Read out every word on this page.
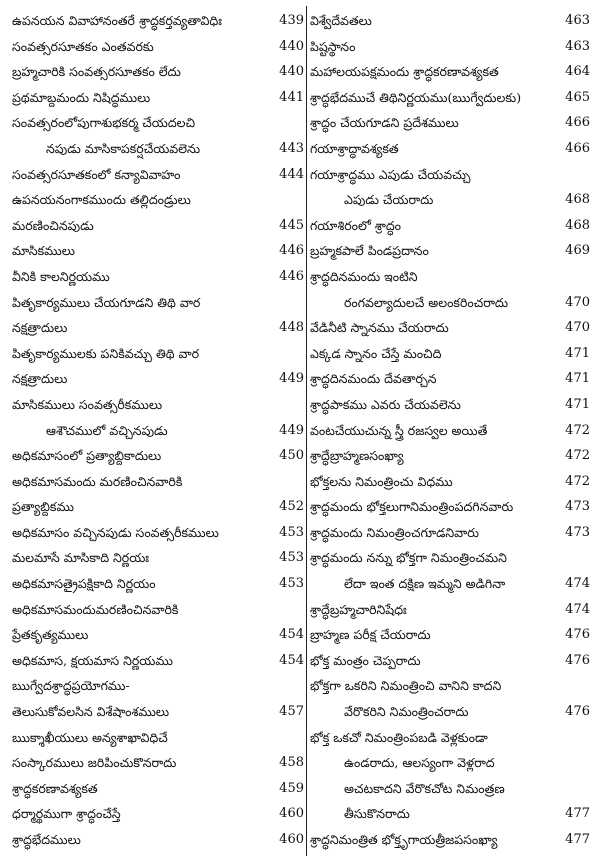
ఉపనయన వివాహానంతరే శ్రాద్ధకర్తవ్యతావిధిః	439
సంవత్సరసూతకం ఎంతవరకు	440
బ్రహ్మచారికి సంవత్సరసూతకం లేదు	440
ప్రథమాబ్దమందు నిషిద్ధములు	441
సంవత్సరంలోపుగాశుభకర్మ చేయదలచి
నపుడు మాసికాపకర్షచేయవలెను	443
సంవత్సరసూతకంలో కన్యావివాహం	444
ఉపనయనంగాకముందు తల్లిదండ్రులు
మరణించినపుడు	445
మాసికములు	446
వీనికి కాలనిర్ణయము	446
పితృకార్యములు చేయగూడని తిథి వార
నక్షత్రాదులు	448
పితృకార్యములకు పనికివచ్చు తిథి వార
నక్షత్రాదులు	449
మాసికములు సంవత్సరీకములు
ఆశౌచములో వచ్చినపుడు	449
అధికమాసంలో ప్రత్యాబ్దికాదులు	450
అధికమాసమందు మరణించినవారికి
ప్రత్యాబ్దికము	452
అధికమాసం వచ్చినపుడు సంవత్సరీకములు	453
మలమాసే మాసికాది నిర్ణయః	453
అధికమాసత్రైపక్షికాది నిర్ణయం	453
అధికమాసమందుమరణించినవారికి
ప్రేతకృత్యములు	454
అధికమాస, క్షయమాస నిర్ణయము	454
ఋగ్వేదశ్రాద్ధప్రయోగము-
తెలుసుకోవలసిన విశేషాంశములు	457
ఋక్శాఖీయులు అన్యశాఖావిధిచే
సంస్కారములు జరిపించుకొనరాదు	458
శ్రాద్ధకరణావశ్యకత	459
ధర్మార్థముగా శ్రాద్ధంచేస్తే	460
శ్రాద్ధభేదములు	460
విశ్వేదేవతలు	463
పిష్టస్థానం	463
మహాలయపక్షమందు శ్రాద్ధకరణావశ్యకత	464
శ్రాద్ధభేదముచే తిథినిర్ణయము(ఋగ్వేదులకు)	465
శ్రాద్ధం చేయగూడని ప్రదేశములు	466
గయాశ్రాద్ధావశ్యకత	466
గయాశ్రాద్ధము ఎపుడు చేయవచ్చు
ఎపుడు చేయరాదు	468
గయాశిరంలో శ్రాద్ధం	468
బ్రహ్మకపాలే పిండప్రదానం	469
శ్రాద్ధదినమందు ఇంటిని
రంగవల్యాదులచే అలంకరించరాదు	470
వేడినీటి స్నానము చేయరాదు	470
ఎక్కడ స్నానం చేస్తే మంచిది	471
శ్రాద్ధదినమందు దేవతార్చన	471
శ్రాద్ధపాకము ఎవరు చేయవలెను	471
వంటచేయుచున్న స్త్రీ రజస్వల అయితే	472
శ్రాద్ధేబ్రాహ్మణసంఖ్యా	472
భోక్తలను నిమంత్రించు విధము	472
శ్రాద్ధమందు భోక్తలుగానిమంత్రింపదగినవారు	473
శ్రాద్ధమందు నిమంత్రించగూడనివారు	473
శ్రాద్ధమందు నన్ను భోక్తగా నిమంత్రించమని
లేదా ఇంత దక్షిణ ఇమ్మని అడిగినా	474
శ్రాద్ధేబ్రహ్మచారినిషేధః	474
బ్రాహ్మణ పరీక్ష చేయరాదు	476
భోక్త మంత్రం చెప్పరాదు	476
భోక్తగా ఒకరిని నిమంత్రించి వానిని కాదని
వేరొకరిని నిమంత్రించరాదు	476
భోక్త ఒకచో నిమంత్రింపబడి వెళ్లకుండా
ఉండరాదు, ఆలస్యంగా వెళ్లరాద
అచటకాదని వేరొకచోట నిమంత్రణ
తీసుకొనరాదు	477
శ్రాద్ధనిమంత్రిత భోక్తృగాయత్రీజపసంఖ్యా	477
